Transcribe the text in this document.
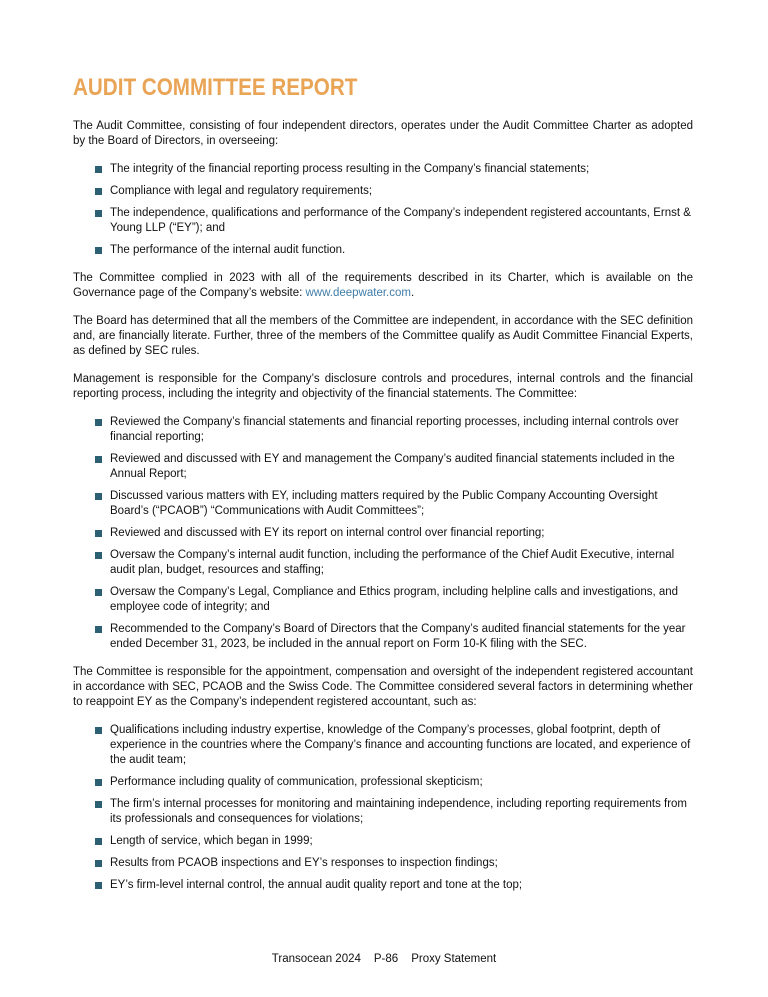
AUDIT COMMITTEE REPORT

The Audit Committee, consisting of four independent directors, operates under the Audit Committee Charter as adopted by the Board of Directors, in overseeing:

The integrity of the financial reporting process resulting in the Company’s financial statements;
Compliance with legal and regulatory requirements;
The independence, qualifications and performance of the Company’s independent registered accountants, Ernst & Young LLP (“EY”); and
The performance of the internal audit function.

The Committee complied in 2023 with all of the requirements described in its Charter, which is available on the Governance page of the Company’s website: www.deepwater.com.

The Board has determined that all the members of the Committee are independent, in accordance with the SEC definition and, are financially literate. Further, three of the members of the Committee qualify as Audit Committee Financial Experts, as defined by SEC rules.

Management is responsible for the Company’s disclosure controls and procedures, internal controls and the financial reporting process, including the integrity and objectivity of the financial statements. The Committee:

Reviewed the Company’s financial statements and financial reporting processes, including internal controls over financial reporting;
Reviewed and discussed with EY and management the Company’s audited financial statements included in the Annual Report;
Discussed various matters with EY, including matters required by the Public Company Accounting Oversight Board’s (“PCAOB”) “Communications with Audit Committees”;
Reviewed and discussed with EY its report on internal control over financial reporting;
Oversaw the Company’s internal audit function, including the performance of the Chief Audit Executive, internal audit plan, budget, resources and staffing;
Oversaw the Company’s Legal, Compliance and Ethics program, including helpline calls and investigations, and employee code of integrity; and
Recommended to the Company’s Board of Directors that the Company’s audited financial statements for the year ended December 31, 2023, be included in the annual report on Form 10-K filing with the SEC.

The Committee is responsible for the appointment, compensation and oversight of the independent registered accountant in accordance with SEC, PCAOB and the Swiss Code. The Committee considered several factors in determining whether to reappoint EY as the Company’s independent registered accountant, such as:

Qualifications including industry expertise, knowledge of the Company’s processes, global footprint, depth of experience in the countries where the Company’s finance and accounting functions are located, and experience of the audit team;
Performance including quality of communication, professional skepticism;
The firm’s internal processes for monitoring and maintaining independence, including reporting requirements from its professionals and consequences for violations;
Length of service, which began in 1999;
Results from PCAOB inspections and EY’s responses to inspection findings;
EY’s firm-level internal control, the annual audit quality report and tone at the top;
Transocean 2024 P-86 Proxy Statement
